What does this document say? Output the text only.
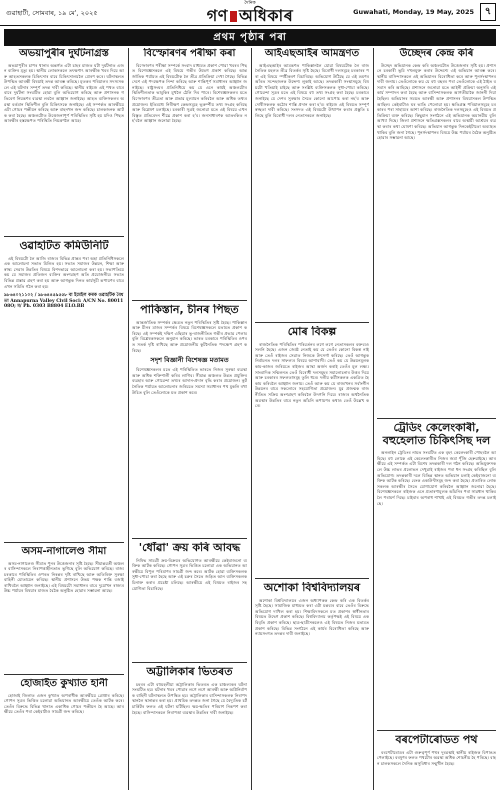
গুৱাহাটী, সোমবাৰ, ১৯ মে', ২০২৫
দৈনিক
গণ অধিকাৰ	Guwahati, Monday, 19 May, 2025	৭
প্ৰথম পৃষ্ঠাৰ পৰা
অভয়াপুৰীৰ দুৰ্ঘটনাগ্ৰস্ত

অভয়াপুৰীৰ চাপৰ থানাৰ অন্তৰ্গত এটা চাহৰ মাজত ঘটা দুৰ্ঘটনাত এজন ব্যক্তিৰ মৃত্যু হয়। স্থানীয় লোকসকলে তৎক্ষণাৎ আৰক্ষীক খবৰ দিয়ে আৰু আহতসকলক চিকিৎসাৰ বাবে চিকিৎসালয়লৈ প্ৰেৰণ কৰে। ঘটনাস্থলত উপস্থিত আৰক্ষী বিষয়াই তদন্ত আৰম্ভ কৰিছে। মৃতকৰ পৰিয়ালৰ সদস্যসকলে এই ঘটনাৰ সম্পূৰ্ণ তদন্ত দাবী কৰিছে। স্থানীয় ৰাইজে এই পথত বাৰে বাৰে দুৰ্ঘটনা সংঘটিত হোৱা বুলি অভিযোগ কৰিছে আৰু প্ৰশাসনক গতিবেগ নিয়ন্ত্ৰণৰ ব্যৱস্থা লবলৈ আহ্বান জনাইছে। আহত ব্যক্তিসকলৰ অৱস্থা বৰ্তমান স্থিতিশীল বুলি চিকিৎসকে জনাইছে। এই সম্পৰ্কত আৰক্ষীয়ে এটা গোচৰ পঞ্জীয়ন কৰিছে আৰু বাহনখন জব্দ কৰিছে। চালকজনক আটক কৰা হৈছে। অঞ্চলটোত উত্তেজনাপূৰ্ণ পৰিস্থিতিৰ সৃষ্টি হয় যদিও পিছত আৰক্ষীৰ হস্তক্ষেপত পৰিস্থিতি নিয়ন্ত্ৰণলৈ আহে।

ওৱাহটিত কমিউনিটি

এই বিষয়টো লৈ আজি ৰাজ্যৰ বিভিন্ন প্ৰান্তৰ পৰা অহা প্ৰতিনিধিসকলে এক আলোচনা সভাত মিলিত হয়। সভাত সমাজৰ উন্নয়ন, শিক্ষা আৰু স্বাস্থ্য সেৱাৰ উন্নতিৰ বিষয়ে বিশদভাৱে আলোচনা কৰা হয়। সভাপতিয়ে কয় যে সমাজৰ প্ৰতিজন ব্যক্তিৰ অংশগ্ৰহণ অতি প্ৰয়োজনীয়। সভাত বিভিন্ন প্ৰস্তাৱ গ্ৰহণ কৰা হয় আৰু আগন্তুক দিনত কাৰ্যসূচী ৰূপায়ণৰ বাবে এখন সমিতি গঠন কৰা হয়।

৯৮৬৪০২১১০২ / ৯৮৬৪৪৫৯৫৫৮ বা ইমেইল কৰক ওৱাহটিক বৈধতা Annapurna Valley Civil Soci: A/CN No. 8001108O; ম/ Ph. 0303 B8804 ELO.BB
অসম-নাগালেণ্ড সীমা

অসম-নাগালেণ্ড সীমাত পুনৰ উত্তেজনাৰ সৃষ্টি হৈছে। সীমান্তৱৰ্তী অঞ্চলৰ বাসিন্দাসকলে নিৰাপত্তাহীনতাত ভুগিছে বুলি অভিযোগ কৰিছে। ৰাজ্য চৰকাৰে পৰিস্থিতিৰ ওপৰত নিৰন্তৰ দৃষ্টি ৰাখিছে আৰু অতিৰিক্ত সুৰক্ষা বাহিনী মোতায়েন কৰিছে। স্থানীয় প্ৰশাসনে উভয় পক্ষক শান্তি বজাই ৰাখিবলৈ আহ্বান জনাইছে। এই বিষয়টো সমাধানৰ বাবে দুয়োখন ৰাজ্যৰ উচ্চ পৰ্যায়ৰ বিষয়াৰ মাজত বৈঠক অনুষ্ঠিত হোৱাৰ সম্ভাৱনা আছে।

হোজাইত কুখ্যাত হানী

হোজাই জিলাত এজন কুখ্যাত অপৰাধীক আৰক্ষীয়ে গ্ৰেপ্তাৰ কৰিছে। গোপন সূত্ৰৰ ভিত্তিত চলোৱা অভিযানত আৰক্ষীয়ে তেওঁক আটক কৰে। তেওঁৰ বিৰুদ্ধে বিভিন্ন থানাত একাধিক গোচৰ পঞ্জীয়ন হৈ আছে। আৰক্ষীয়ে তেওঁৰ পৰা কেইবাটাও সামগ্ৰী জব্দ কৰিছে।

বিস্ফোৰণৰ পৰীক্ষা কৰা

বিস্ফোৰণৰ পৰীক্ষা সম্পৰ্কে সংবাদ মাধ্যমত প্ৰকাশ পোৱা খবৰৰ পিছত বিশেষজ্ঞসকলে এই বিষয়ে গভীৰ উদ্বেগ প্ৰকাশ কৰিছে। আন্তৰ্জাতিক পৰ্যায়ত এই বিষয়টোক লৈ তীব্ৰ প্ৰতিক্ৰিয়া দেখা গৈছে। বিভিন্ন দেশে এই পদক্ষেপক নিন্দা কৰিছে আৰু শান্তিপূৰ্ণ সমাধানৰ আহ্বান জনাইছে। ৰাষ্ট্ৰসংঘৰ প্ৰতিনিধিয়ে কয় যে এনে কাৰ্যই অঞ্চলটোৰ স্থিতিশীলতাক ভাবুকিৰ মুখলৈ ঠেলি দিব পাৰে। বিশেষজ্ঞসকলৰ মতে বিস্ফোৰণৰ তীব্ৰতা আৰু প্ৰভাৱ মূল্যায়ন কৰিবলৈ আৰু অধিক তথ্যৰ প্ৰয়োজন। ইতিমধ্যে নিৰীক্ষণ কেন্দ্ৰসমূহে ভূকম্পীয় তথ্য সংগ্ৰহ কৰিছে আৰু বিশ্লেষণ চলাইছে। চৰকাৰী সূত্ৰই জনোৱা মতে এই বিষয়ে এখন বিস্তৃত প্ৰতিবেদন শীঘ্ৰে প্ৰকাশ কৰা হ'ব। জনসাধাৰণক আতংকিত নহ'বলৈ আহ্বান জনোৱা হৈছে।

পাকিস্তান, চীনৰ পিছত

আন্তৰ্জাতিক সম্পৰ্কৰ ক্ষেত্ৰত নতুন পৰিস্থিতিৰ সৃষ্টি হৈছে। পাকিস্তান আৰু চীনৰ মাজৰ সম্পৰ্কৰ বিষয়ে বিশেষজ্ঞসকলে মতামত প্ৰকাশ কৰিছে। এই সম্পৰ্কই দক্ষিণ এছিয়াৰ ভূ-ৰাজনীতিত গভীৰ প্ৰভাৱ পেলাব বুলি বিশ্লেষকসকলে অনুমান কৰিছে। ভাৰত চৰকাৰে পৰিস্থিতিৰ ওপৰত সতৰ্ক দৃষ্টি ৰাখিছে আৰু প্ৰয়োজনীয় কূটনৈতিক পদক্ষেপ গ্ৰহণ কৰিছে।

সদৃশ বিজ্ঞানী বিশেষজ্ঞ মতামত

বিশেষজ্ঞসকলৰ মতে এই পৰিস্থিতিত ভাৰতে নিজৰ সুৰক্ষা ব্যৱস্থা আৰু অধিক শক্তিশালী কৰিব লাগিব। সীমান্ত অঞ্চলত উন্নত প্ৰযুক্তিৰ ব্যৱহাৰ আৰু গোৱেন্দা তথ্যৰ আদান-প্ৰদান বৃদ্ধি কৰাৰ প্ৰয়োজন। কূটনৈতিক পৰ্যায়ত আলোচনাৰ জৰিয়তে সমস্যা সমাধানৰ পথ মুকলি ৰখা উচিত বুলি তেওঁলোকে মত প্ৰকাশ কৰে।

'ধোঁৱা' ক্ৰয় কৰি আবদ্ধ

নিষিদ্ধ সামগ্ৰী ক্ৰয়-বিক্ৰয়ৰ অভিযোগত আৰক্ষীয়ে কেইবাজনো ব্যক্তিক আটক কৰিছে। গোপন সূত্ৰৰ ভিত্তিত চলোৱা এক অভিযানত আৰক্ষীয়ে বিপুল পৰিমাণৰ সামগ্ৰী জব্দ কৰে। আটক হোৱা ব্যক্তিসকলক সুধা-পোচা কৰা হৈছে আৰু এই চক্ৰৰ সৈতে জড়িত আন ব্যক্তিসকলক চিনাক্ত কৰাৰ প্ৰচেষ্টা চলিছে। আৰক্ষীয়ে এই বিষয়ত ৰাইজৰ সহযোগিতা বিচাৰিছে।

অট্টালিকাৰ ভিতৰত

চহৰৰ এটা বহুমহলীয়া অট্টালিকাৰ ভিতৰত এক চাঞ্চল্যকৰ ঘটনা সংঘটিত হয়। ঘটনাৰ খবৰ পোৱাৰ লগে লগে আৰক্ষী আৰু অগ্নিনিৰ্বাপক বাহিনী ঘটনাস্থলত উপস্থিত হয়। অট্টালিকাৰ বাসিন্দাসকলক নিৰাপদ স্থানলৈ স্থানান্তৰ কৰা হয়। প্ৰাথমিক তদন্তত জনা গৈছে যে বৈদ্যুতিক চৰ্ট চাৰ্কিটৰ ফলত এই ঘটনা ঘটিছিল। ক্ষয়-ক্ষতিৰ পৰিমাণ নিৰূপণ কৰা হৈছে। বাসিন্দাসকলে নিৰাপত্তা ব্যৱস্থাৰ উন্নতিৰ দাবী জনাইছে।

আইএছআইৰ আমন্ত্ৰণত

আইএছআইৰ আমন্ত্ৰণত পাকিস্তানলৈ যোৱা বিষয়টোক লৈ ৰাজনৈতিক মহলত তীব্ৰ বিতৰ্কৰ সৃষ্টি হৈছে। বিৰোধী দলসমূহে চৰকাৰৰ পৰা এই বিষয়ে স্পষ্টীকৰণ বিচাৰিছে। অভিযোগ উঠিছে যে এই ভ্ৰমণৰ আঁৰত সন্দেহজনক উদ্দেশ্য লুকাই আছে। তদন্তকাৰী সংস্থাসমূহে বিষয়টো খতিয়াই চাইছে আৰু সংশ্লিষ্ট ব্যক্তিসকলক সুধা-পোচা কৰিছে। গোৱেন্দা সূত্ৰৰ মতে এই বিষয়ে বহু তথ্য সংগ্ৰহ কৰা হৈছে। চৰকাৰে জনাইছে যে দেশৰ সুৰক্ষাৰ সৈতে কোনো আপোচ কৰা নহ'ব আৰু দোষীসকলক কঠোৰ শাস্তি প্ৰদান কৰা হ'ব। ৰাইজে এই বিষয়ত সম্পূৰ্ণ স্বচ্ছতা দাবী কৰিছে। সংসদত এই বিষয়টো উত্থাপন কৰাৰ প্ৰস্তুতি চলিছে বুলি বিৰোধী দলৰ নেতাসকলে জনাইছে।

মোৰ বিকল্প

ৰাজনৈতিক পৰিস্থিতিৰ পৰিৱৰ্তনৰ লগে লগে নেতাসকলৰ বক্তব্যও সলনি হৈছে। এজন জ্যেষ্ঠ নেতাই কয় যে তেওঁৰ কোনো বিকল্প নাই আৰু তেওঁ ৰাইজৰ সেৱাত নিজকে উৎসৰ্গা কৰিছে। তেওঁ আগন্তুক নিৰ্বাচনত দলৰ সাফল্যৰ বিষয়ে আশাবাদী। তেওঁ কয় যে উন্নয়নমূলক কাম-কাজৰ জৰিয়তে ৰাইজৰ আস্থা অৰ্জন কৰাই তেওঁৰ মূল লক্ষ্য। সাংবাদিক সন্মিলনত তেওঁ বিৰোধী দলসমূহৰ সমালোচনাৰ উত্তৰ দিয়ে আৰু চৰকাৰৰ সফলতাসমূহ তুলি ধৰে। দলীয় কৰ্মীসকলক একত্ৰিত হৈ কাম কৰিবলৈ আহ্বান জনায়। তেওঁ আৰু কয় যে ৰাজ্যখনৰ সৰ্বাংগীন উন্নয়নৰ বাবে সকলোৰে সহযোগিতা প্ৰয়োজন। যুৱ প্ৰজন্মক ৰাজনীতিত সক্ৰিয় অংশগ্ৰহণ কৰিবলৈ উদগনি দিয়ে। ৰাজ্যৰ অৰ্থনৈতিক অৱস্থাৰ উন্নতিৰ বাবে নতুন আঁচনি ৰূপায়ণৰ কথাও তেওঁ উল্লেখ কৰে।

অশোকা বিশ্ববিদ্যালয়ৰ

অশোকা বিশ্ববিদ্যালয়ৰ এজন অধ্যাপকক কেন্দ্ৰ কৰি এক বিতৰ্কৰ সৃষ্টি হৈছে। সামাজিক মাধ্যমত কৰা এটা মন্তব্যৰ বাবে তেওঁৰ বিৰুদ্ধে অভিযোগ দাখিল কৰা হয়। শিক্ষাবিদসকলে মত প্ৰকাশৰ স্বাধীনতাৰ বিষয়ত উদ্বেগ প্ৰকাশ কৰিছে। বিশ্ববিদ্যালয় কৰ্তৃপক্ষই এই বিষয়ে এক বিবৃতি প্ৰকাশ কৰিছে। ছাত্ৰ-ছাত্ৰীসকলেও এই বিষয়ত নিজৰ মতামত প্ৰকাশ কৰিছে। বিভিন্ন সংগঠনে এই কাৰ্যৰ বিৰোধিতা কৰিছে আৰু ন্যায়সংগত তদন্তৰ দাবী জনাইছে।

উচ্ছেদৰ কেন্দ্ৰ কৰি

উচ্ছেদ অভিযানক কেন্দ্ৰ কৰি অঞ্চলটোত উত্তেজনাৰ সৃষ্টি হয়। প্ৰশাসনে চৰকাৰী ভূমি দখলমুক্ত কৰাৰ উদ্দেশ্যে এই অভিযান আৰম্ভ কৰে। স্থানীয় বাসিন্দাসকলে এই অভিযানৰ বিৰোধিতা কৰে আৰু পুনৰ্সংস্থাপনৰ দাবী জনায়। তেওঁলোকে কয় যে বহু বছৰৰ পৰা তেওঁলোকে এই ঠাইত বসবাস কৰি আহিছে। প্ৰশাসনে জনোৱা মতে আইনী প্ৰক্ৰিয়া অনুসৰি এই কাৰ্য সম্পাদন কৰা হৈছে আৰু বাসিন্দাসকলক আগতীয়াকৈ জাননী দিয়া হৈছিল। অভিযানৰ সময়ত আৰক্ষী আৰু প্ৰশাসনৰ বিষয়াসকল উপস্থিত আছিল। কেইবাটাও ঘৰ ভাঙি পেলোৱা হয়। ক্ষতিগ্ৰস্ত পৰিয়ালসমূহে চৰকাৰৰ পৰা সাহায্যৰ আশা কৰিছে। ৰাজনৈতিক দলসমূহেও এই বিষয়ত প্ৰতিক্ৰিয়া ব্যক্ত কৰিছে। কিছুমান সংগঠনে এই অভিযানক অমানৱীয় বুলি আখ্যা দিছে। জিলা প্ৰশাসনে ক্ষতিগ্ৰস্তসকলৰ বাবে অস্থায়ী আশ্ৰয়ৰ ব্যৱস্থা কৰাৰ কথা ঘোষণা কৰিছে। অভিযান আগন্তুক দিনকেইটাতো অব্যাহত থাকিব বুলি জনা গৈছে। পুনৰ্সংস্থাপনৰ বিষয়ে উচ্চ পৰ্যায়ৰ বৈঠক অনুষ্ঠিত হোৱাৰ সম্ভাৱনা আছে।

ট্ৰেডিং কেলেংকাৰী, বহুহেলাত চিকিৎসিছ দল

অনলাইন ট্ৰেডিংৰ নামত সংঘটিত এক বৃহৎ কেলেংকাৰী পোহৰলৈ আহিছে। বহু লোকে এই কেলেংকাৰীত নিজৰ জমা পুঁজি হেৰুৱাইছে। আৰক্ষীয়ে এই সম্পৰ্কত এটা বিশেষ তদন্তকাৰী দল গঠন কৰিছে। অভিযুক্তসকলে উচ্চ লাভৰ প্ৰলোভন দেখুৱাই ৰাইজৰ পৰা ধন সংগ্ৰহ কৰিছিল বুলি অভিযোগ। তদন্তকাৰী দলে বিভিন্ন স্থানত অভিযান চলাই কেইবাজনো ব্যক্তিক আটক কৰিছে। বেংক একাউণ্টসমূহ জব্দ কৰা হৈছে। প্ৰতাৰিত লোকসকলক আৰক্ষীৰ সৈতে যোগাযোগ কৰিবলৈ আহ্বান জনোৱা হৈছে। বিশেষজ্ঞসকলে ৰাইজক এনে প্ৰতাৰণামূলক আঁচনিৰ পৰা সাৱধান থাকিবলৈ পৰামৰ্শ দিছে। চাইবাৰ অপৰাধ শাখাই এই বিষয়ত গভীৰ তদন্ত চলাইছে।

বৰপেটাৰোডত পথ

বৰপেটাৰোডৰ এটা গুৰুত্বপূৰ্ণ পথৰ দুৰৱস্থাই স্থানীয় ৰাইজক বিপাঙত পেলাইছে। বৰষুণৰ ফলত পথটোৰ অৱস্থা অধিক শোচনীয় হৈ পৰিছে। বাহন চালকসকলে দৈনিক অসুবিধাৰ সন্মুখীন হৈছে।
